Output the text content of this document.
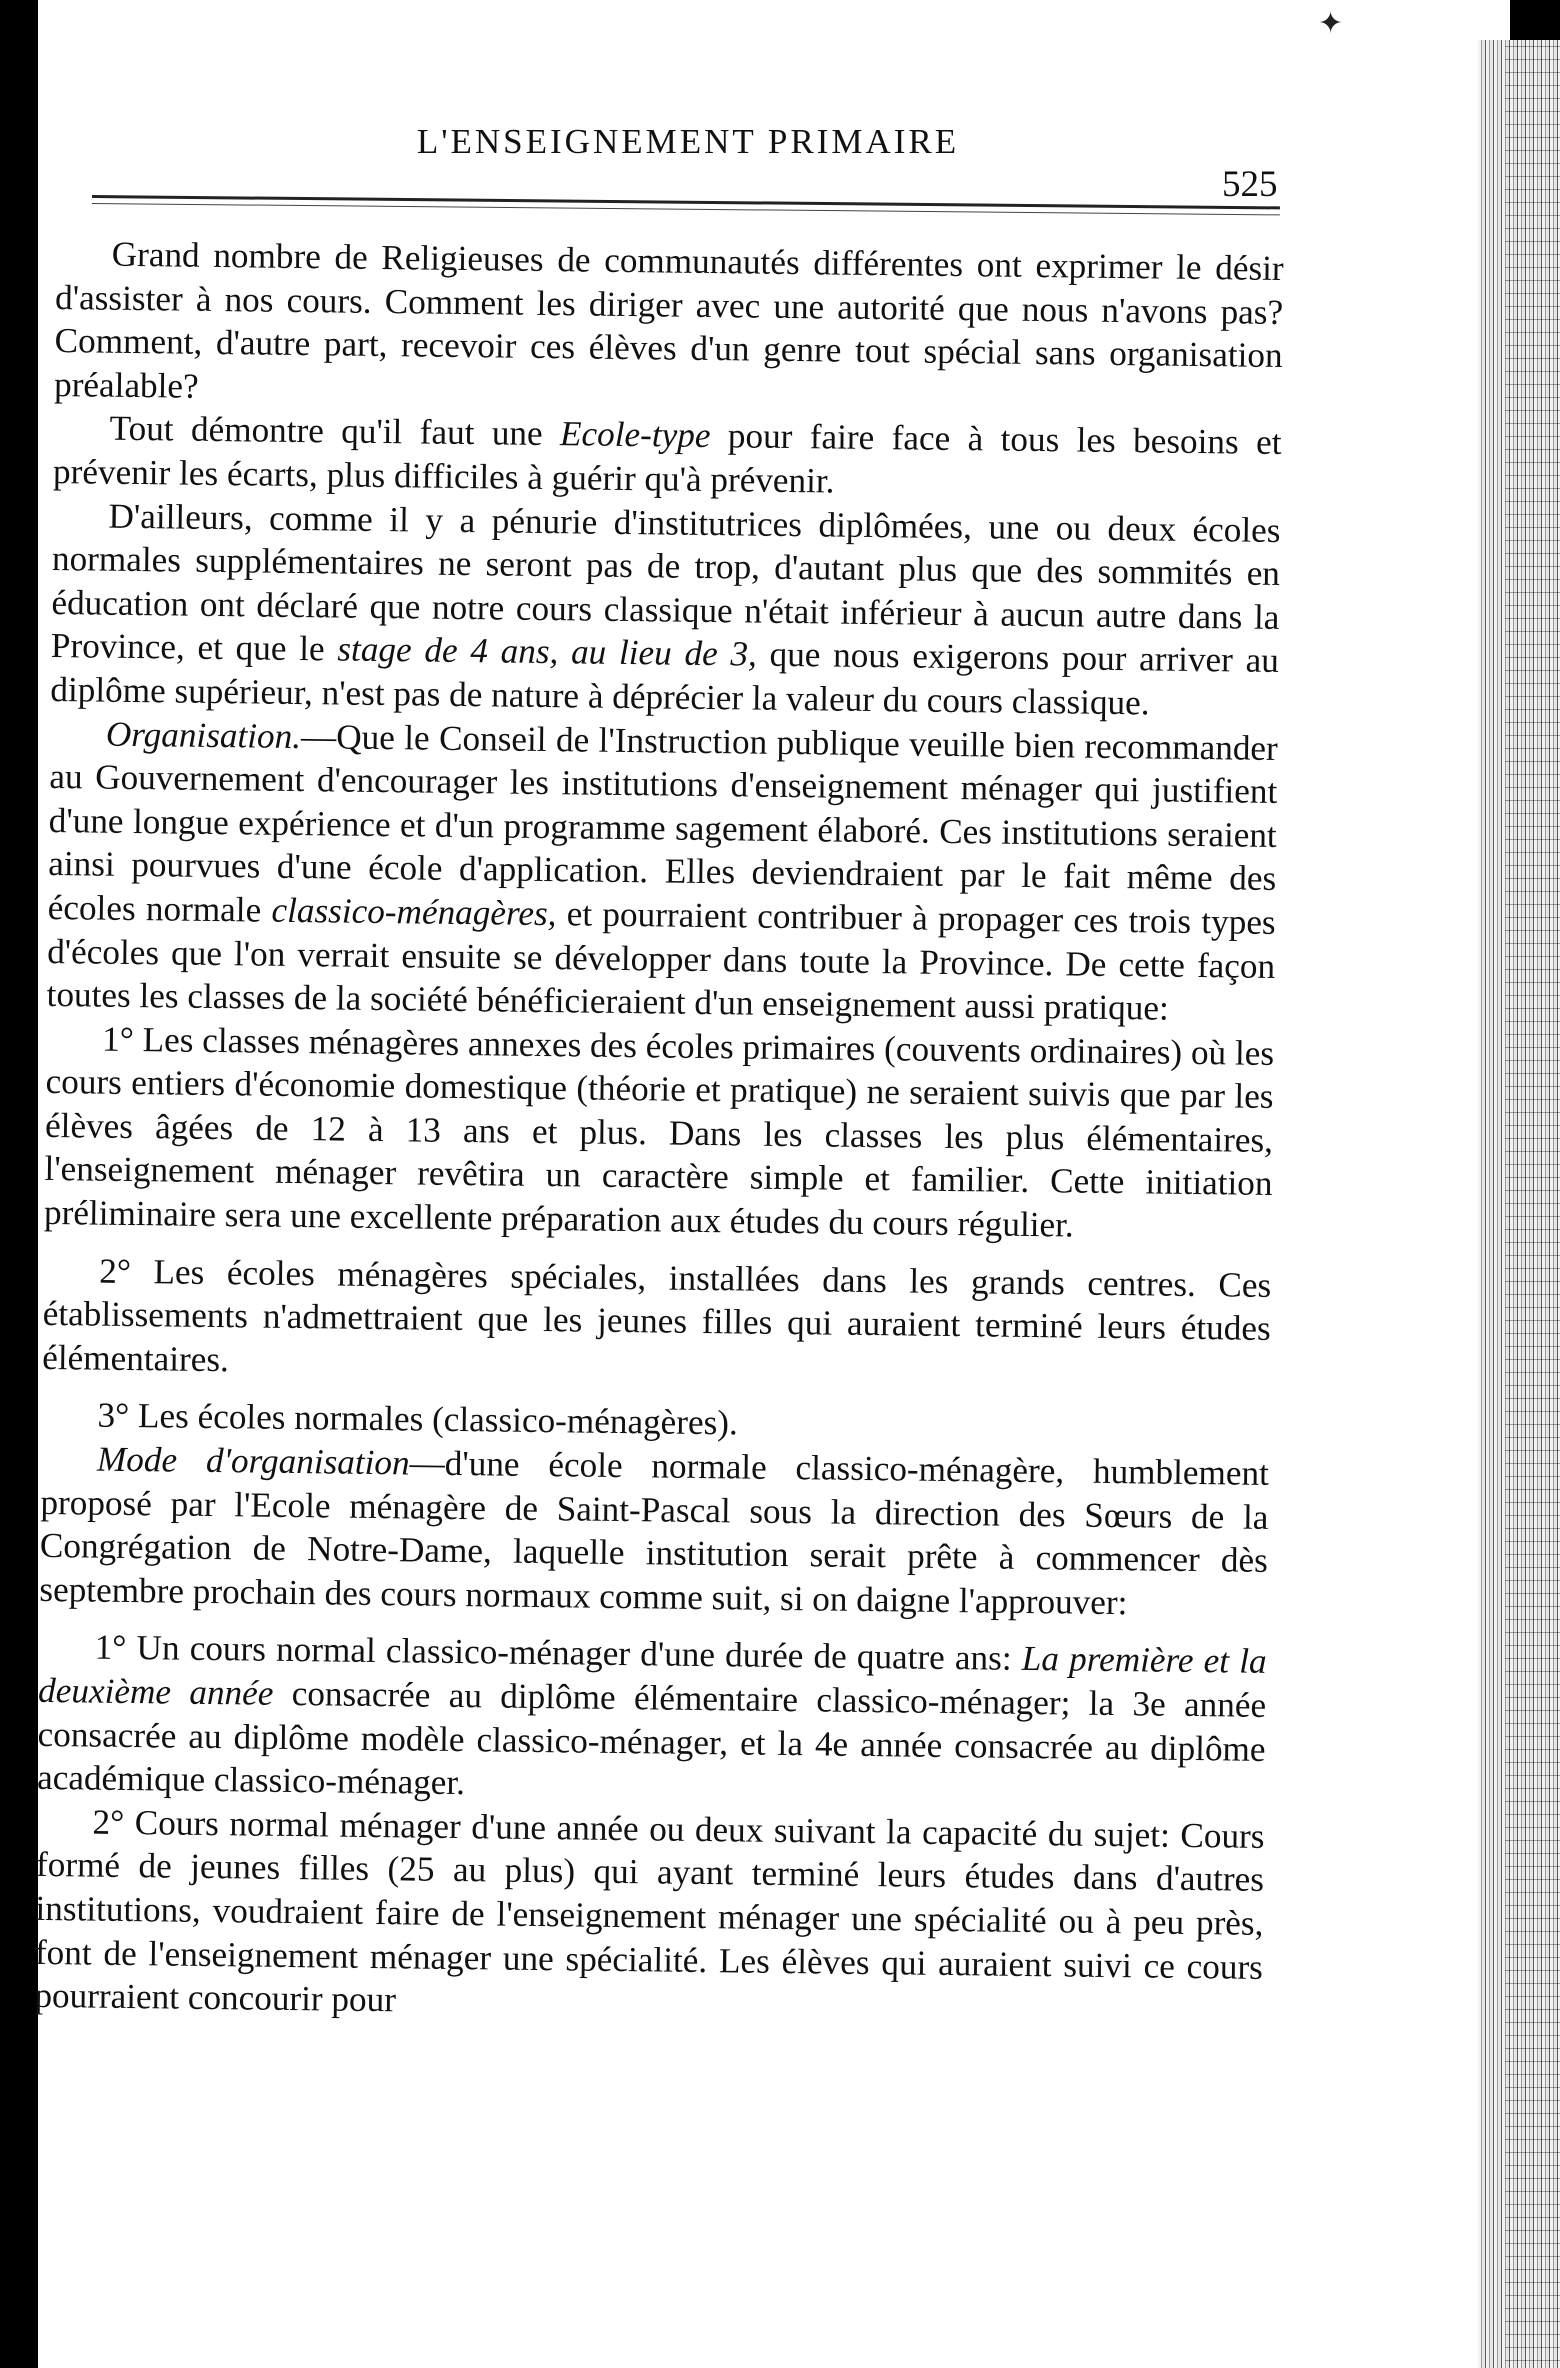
✦
L'ENSEIGNEMENT PRIMAIRE
525

Grand nombre de Religieuses de communautés différentes ont exprimer le désir d'assister à nos cours. Comment les diriger avec une autorité que nous n'avons pas? Comment, d'autre part, recevoir ces élèves d'un genre tout spécial sans organisation préalable?

Tout démontre qu'il faut une Ecole-type pour faire face à tous les besoins et prévenir les écarts, plus difficiles à guérir qu'à prévenir.

D'ailleurs, comme il y a pénurie d'institutrices diplômées, une ou deux écoles normales supplémentaires ne seront pas de trop, d'autant plus que des sommités en éducation ont déclaré que notre cours classique n'était inférieur à aucun autre dans la Province, et que le stage de 4 ans, au lieu de 3, que nous exigerons pour arriver au diplôme supérieur, n'est pas de nature à déprécier la valeur du cours classique.

Organisation.—Que le Conseil de l'Instruction publique veuille bien recommander au Gouvernement d'encourager les institutions d'enseignement ménager qui justifient d'une longue expérience et d'un programme sagement élaboré. Ces institutions seraient ainsi pourvues d'une école d'application. Elles deviendraient par le fait même des écoles normale classico-ménagères, et pourraient contribuer à propager ces trois types d'écoles que l'on verrait ensuite se développer dans toute la Province. De cette façon toutes les classes de la société bénéficieraient d'un enseignement aussi pratique:

1° Les classes ménagères annexes des écoles primaires (couvents ordinaires) où les cours entiers d'économie domestique (théorie et pratique) ne seraient suivis que par les élèves âgées de 12 à 13 ans et plus. Dans les classes les plus élémentaires, l'enseignement ménager revêtira un caractère simple et familier. Cette initiation préliminaire sera une excellente préparation aux études du cours régulier.

2° Les écoles ménagères spéciales, installées dans les grands centres. Ces établissements n'admettraient que les jeunes filles qui auraient terminé leurs études élémentaires.

3° Les écoles normales (classico-ménagères).

Mode d'organisation—d'une école normale classico-ménagère, humblement proposé par l'Ecole ménagère de Saint-Pascal sous la direction des Sœurs de la Congrégation de Notre-Dame, laquelle institution serait prête à commencer dès septembre prochain des cours normaux comme suit, si on daigne l'approuver:

1° Un cours normal classico-ménager d'une durée de quatre ans: La première et la deuxième année consacrée au diplôme élémentaire classico-ménager; la 3e année consacrée au diplôme modèle classico-ménager, et la 4e année consacrée au diplôme académique classico-ménager.

2° Cours normal ménager d'une année ou deux suivant la capacité du sujet: Cours formé de jeunes filles (25 au plus) qui ayant terminé leurs études dans d'autres institutions, voudraient faire de l'enseignement ménager une spécialité ou à peu près, font de l'enseignement ménager une spécialité. Les élèves qui auraient suivi ce cours pourraient concourir pour
